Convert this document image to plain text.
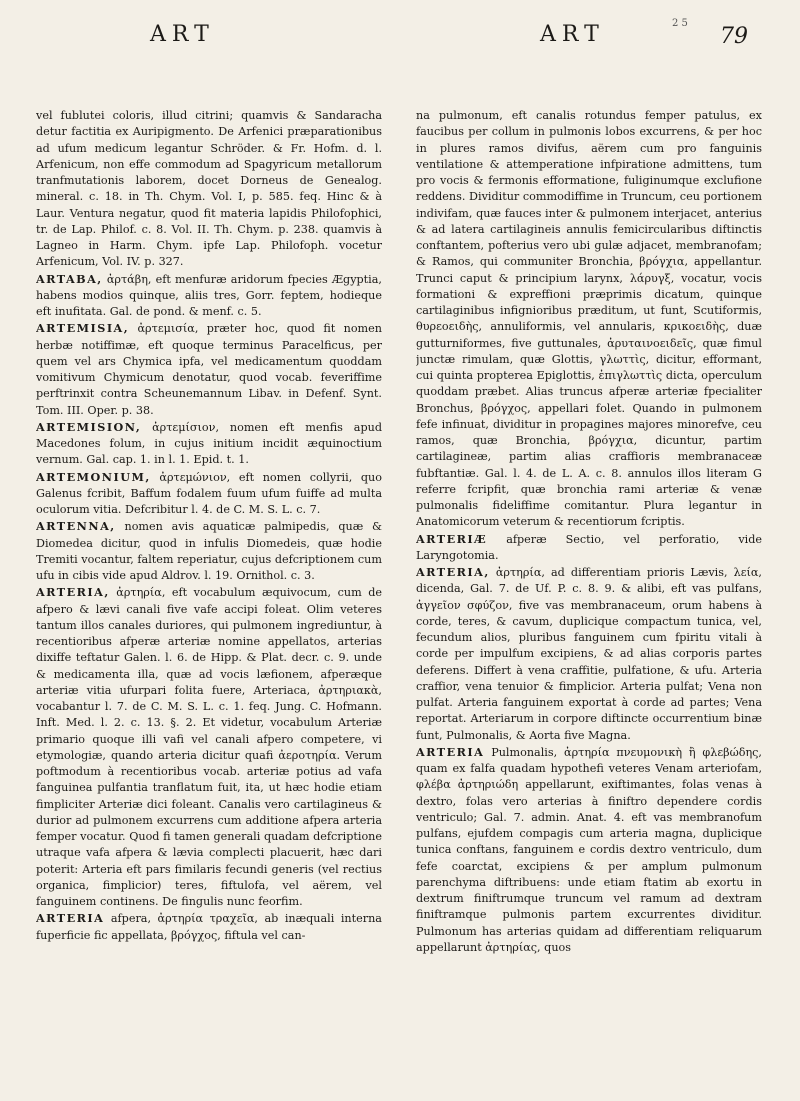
ART	ART	2 5
79

vel fublutei coloris, illud citrini; quamvis & Sandaracha detur factitia ex Auripigmento. De Arfenici præparationibus ad ufum medicum legantur Schröder. & Fr. Hofm. d. l. Arfenicum, non effe commodum ad Spagyricum metallorum tranfmutationis laborem, docet Dorneus de Genealog. mineral. c. 18. in Th. Chym. Vol. I, p. 585. feq. Hinc & à Laur. Ventura negatur, quod fit materia lapidis Philofophici, tr. de Lap. Philof. c. 8. Vol. II. Th. Chym. p. 238. quamvis à Lagneo in Harm. Chym. ipfe Lap. Philofoph. vocetur Arfenicum, Vol. IV. p. 327.

ARTABA, ἀρτάβη, eft menfuræ aridorum fpecies Ægyptia, habens modios quinque, aliis tres, Gorr. feptem, hodieque eft inufitata. Gal. de pond. & menf. c. 5.

ARTEMISIA, ἀρτεμισία, præter hoc, quod fit nomen herbæ notiffimæ, eft quoque terminus Paracelficus, per quem vel ars Chymica ipfa, vel medicamentum quoddam vomitivum Chymicum denotatur, quod vocab. feveriffime perftrinxit contra Scheunemannum Libav. in Defenf. Synt. Tom. III. Oper. p. 38.

ARTEMISION, ἀρτεμίσιον, nomen eft menfis apud Macedones folum, in cujus initium incidit æquinoctium vernum. Gal. cap. 1. in l. 1. Epid. t. 1.

ARTEMONIUM, ἀρτεμώνιον, eft nomen collyrii, quo Galenus fcribit, Baffum fodalem fuum ufum fuiffe ad multa oculorum vitia. Defcribitur l. 4. de C. M. S. L. c. 7.

ARTENNA, nomen avis aquaticæ palmipedis, quæ & Diomedea dicitur, quod in infulis Diomedeis, quæ hodie Tremiti vocantur, faltem reperiatur, cujus defcriptionem cum ufu in cibis vide apud Aldrov. l. 19. Ornithol. c. 3.

ARTERIA, ἀρτηρία, eft vocabulum æquivocum, cum de afpero & lævi canali five vafe accipi foleat. Olim veteres tantum illos canales duriores, qui pulmonem ingrediuntur, à recentioribus afperæ arteriæ nomine appellatos, arterias dixiffe teftatur Galen. l. 6. de Hipp. & Plat. decr. c. 9. unde & medicamenta illa, quæ ad vocis læfionem, afperæque arteriæ vitia ufurpari folita fuere, Arteriaca, ἀρτηριακὰ, vocabantur l. 7. de C. M. S. L. c. 1. feq. Jung. C. Hofmann. Inft. Med. l. 2. c. 13. §. 2. Et videtur, vocabulum Arteriæ primario quoque illi vafi vel canali afpero competere, vi etymologiæ, quando arteria dicitur quafi ἀεροτηρία. Verum poftmodum à recentioribus vocab. arteriæ potius ad vafa fanguinea pulfantia tranflatum fuit, ita, ut hæc hodie etiam fimpliciter Arteriæ dici foleant. Canalis vero cartilagineus & durior ad pulmonem excurrens cum additione afpera arteria femper vocatur. Quod fi tamen generali quadam defcriptione utraque vafa afpera & lævia complecti placuerit, hæc dari poterit: Arteria eft pars fimilaris fecundi generis (vel rectius organica, fimplicior) teres, fiftulofa, vel aërem, vel fanguinem continens. De fingulis nunc feorfim.

ARTERIA afpera, ἀρτηρία τραχεῖα, ab inæquali interna fuperficie fic appellata, βρόγχος, fiftula vel can-

na pulmonum, eft canalis rotundus femper patulus, ex faucibus per collum in pulmonis lobos excurrens, & per hoc in plures ramos divifus, aërem cum pro fanguinis ventilatione & attemperatione infpiratione admittens, tum pro vocis & fermonis efformatione, fuliginumque exclufione reddens. Dividitur commodiffime in Truncum, ceu portionem indivifam, quæ fauces inter & pulmonem interjacet, anterius & ad latera cartilagineis annulis femicircularibus diftinctis conftantem, pofterius vero ubi gulæ adjacet, membranofam; & Ramos, qui communiter Bronchia, βρόγχια, appellantur. Trunci caput & principium larynx, λάρυγξ, vocatur, vocis formationi & expreffioni præprimis dicatum, quinque cartilaginibus infignioribus præditum, ut funt, Scutiformis, θυρεοειδὴς, annuliformis, vel annularis, κρικοειδὴς, duæ gutturniformes, five guttunales, ἀρυταινοειδεῖς, quæ fimul junctæ rimulam, quæ Glottis, γλωττὶς, dicitur, efformant, cui quinta propterea Epiglottis, ἐπιγλωττὶς dicta, operculum quoddam præbet. Alias truncus afperæ arteriæ fpecialiter Bronchus, βρόγχος, appellari folet. Quando in pulmonem fefe infinuat, dividitur in propagines majores minorefve, ceu ramos, quæ Bronchia, βρόγχια, dicuntur, partim cartilagineæ, partim alias craffioris membranaceæ fubftantiæ. Gal. l. 4. de L. A. c. 8. annulos illos literam G referre fcripfit, quæ bronchia rami arteriæ & venæ pulmonalis fideliffime comitantur. Plura legantur in Anatomicorum veterum & recentiorum fcriptis.

ARTERIÆ afperæ Sectio, vel perforatio, vide Laryngotomia.

ARTERIA, ἀρτηρία, ad differentiam prioris Lævis, λεία, dicenda, Gal. 7. de Uf. P. c. 8. 9. & alibi, eft vas pulfans, ἀγγεῖον σφύζον, five vas membranaceum, orum habens à corde, teres, & cavum, duplicique compactum tunica, vel, fecundum alios, pluribus fanguinem cum fpiritu vitali à corde per impulfum excipiens, & ad alias corporis partes deferens. Differt à vena craffitie, pulfatione, & ufu. Arteria craffior, vena tenuior & fimplicior. Arteria pulfat; Vena non pulfat. Arteria fanguinem exportat à corde ad partes; Vena reportat. Arteriarum in corpore diftincte occurrentium binæ funt, Pulmonalis, & Aorta five Magna.

ARTERIA Pulmonalis, ἀρτηρία πνευμονικὴ ἢ φλεβώδης, quam ex falfa quadam hypothefi veteres Venam arteriofam, φλέβα ἀρτηριώδη appellarunt, exiftimantes, folas venas à dextro, folas vero arterias à finiftro dependere cordis ventriculo; Gal. 7. admin. Anat. 4. eft vas membranofum pulfans, ejufdem compagis cum arteria magna, duplicique tunica conftans, fanguinem e cordis dextro ventriculo, dum fefe coarctat, excipiens & per amplum pulmonum parenchyma diftribuens: unde etiam ftatim ab exortu in dextrum finiftrumque truncum vel ramum ad dextram finiftramque pulmonis partem excurrentes dividitur. Pulmonum has arterias quidam ad differentiam reliquarum appellarunt ἀρτηρίας, quos
